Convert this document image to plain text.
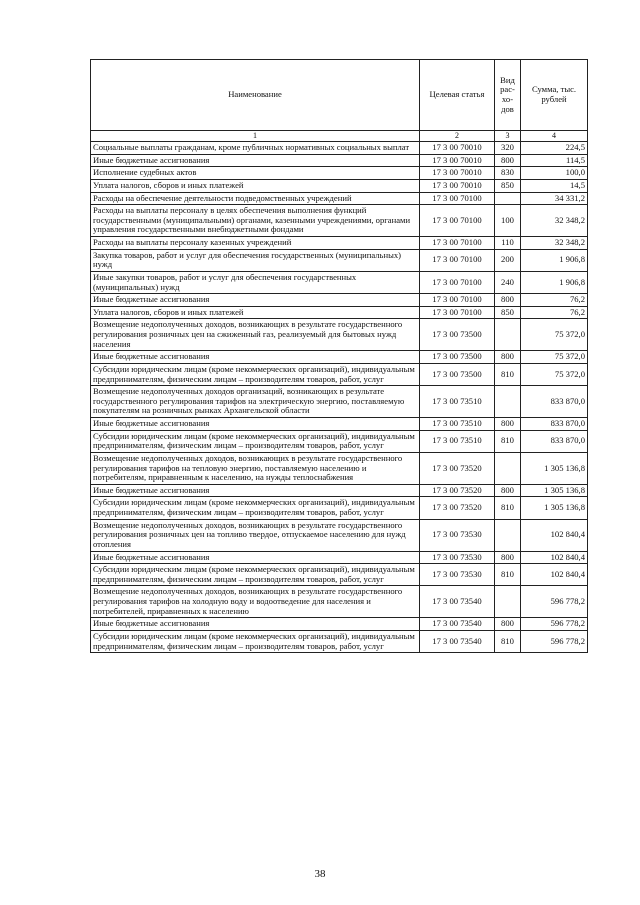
Наименование	Целевая статья	Вид рас-хо-дов	Сумма, тыс. рублей
1	2	3	4
Социальные выплаты гражданам, кроме публичных нормативных социальных выплат	17 3 00 70010	320	224,5
Иные бюджетные ассигнования	17 3 00 70010	800	114,5
Исполнение судебных актов	17 3 00 70010	830	100,0
Уплата налогов, сборов и иных платежей	17 3 00 70010	850	14,5
Расходы на обеспечение деятельности подведомственных учреждений	17 3 00 70100		34 331,2
Расходы на выплаты персоналу в целях обеспечения выполнения функций государственными (муниципальными) органами, казенными учреждениями, органами управления государственными внебюджетными фондами	17 3 00 70100	100	32 348,2
Расходы на выплаты персоналу казенных учреждений	17 3 00 70100	110	32 348,2
Закупка товаров, работ и услуг для обеспечения государственных (муниципальных) нужд	17 3 00 70100	200	1 906,8
Иные закупки товаров, работ и услуг для обеспечения государственных (муниципальных) нужд	17 3 00 70100	240	1 906,8
Иные бюджетные ассигнования	17 3 00 70100	800	76,2
Уплата налогов, сборов и иных платежей	17 3 00 70100	850	76,2
Возмещение недополученных доходов, возникающих в результате государственного регулирования розничных цен на сжиженный газ, реализуемый для бытовых нужд населения	17 3 00 73500		75 372,0
Иные бюджетные ассигнования	17 3 00 73500	800	75 372,0
Субсидии юридическим лицам (кроме некоммерческих организаций), индивидуальным предпринимателям, физическим лицам – производителям товаров, работ, услуг	17 3 00 73500	810	75 372,0
Возмещение недополученных доходов организаций, возникающих в результате государственного регулирования тарифов на электрическую энергию, поставляемую покупателям на розничных рынках Архангельской области	17 3 00 73510		833 870,0
Иные бюджетные ассигнования	17 3 00 73510	800	833 870,0
Субсидии юридическим лицам (кроме некоммерческих организаций), индивидуальным предпринимателям, физическим лицам – производителям товаров, работ, услуг	17 3 00 73510	810	833 870,0
Возмещение недополученных доходов, возникающих в результате государственного регулирования тарифов на тепловую энергию, поставляемую населению и потребителям, приравненным к населению, на нужды теплоснабжения	17 3 00 73520		1 305 136,8
Иные бюджетные ассигнования	17 3 00 73520	800	1 305 136,8
Субсидии юридическим лицам (кроме некоммерческих организаций), индивидуальным предпринимателям, физическим лицам – производителям товаров, работ, услуг	17 3 00 73520	810	1 305 136,8
Возмещение недополученных доходов, возникающих в результате государственного регулирования розничных цен на топливо твердое, отпускаемое населению для нужд отопления	17 3 00 73530		102 840,4
Иные бюджетные ассигнования	17 3 00 73530	800	102 840,4
Субсидии юридическим лицам (кроме некоммерческих организаций), индивидуальным предпринимателям, физическим лицам – производителям товаров, работ, услуг	17 3 00 73530	810	102 840,4
Возмещение недополученных доходов, возникающих в результате государственного регулирования тарифов на холодную воду и водоотведение для населения и потребителей, приравненных к населению	17 3 00 73540		596 778,2
Иные бюджетные ассигнования	17 3 00 73540	800	596 778,2
Субсидии юридическим лицам (кроме некоммерческих организаций), индивидуальным предпринимателям, физическим лицам – производителям товаров, работ, услуг	17 3 00 73540	810	596 778,2
38
